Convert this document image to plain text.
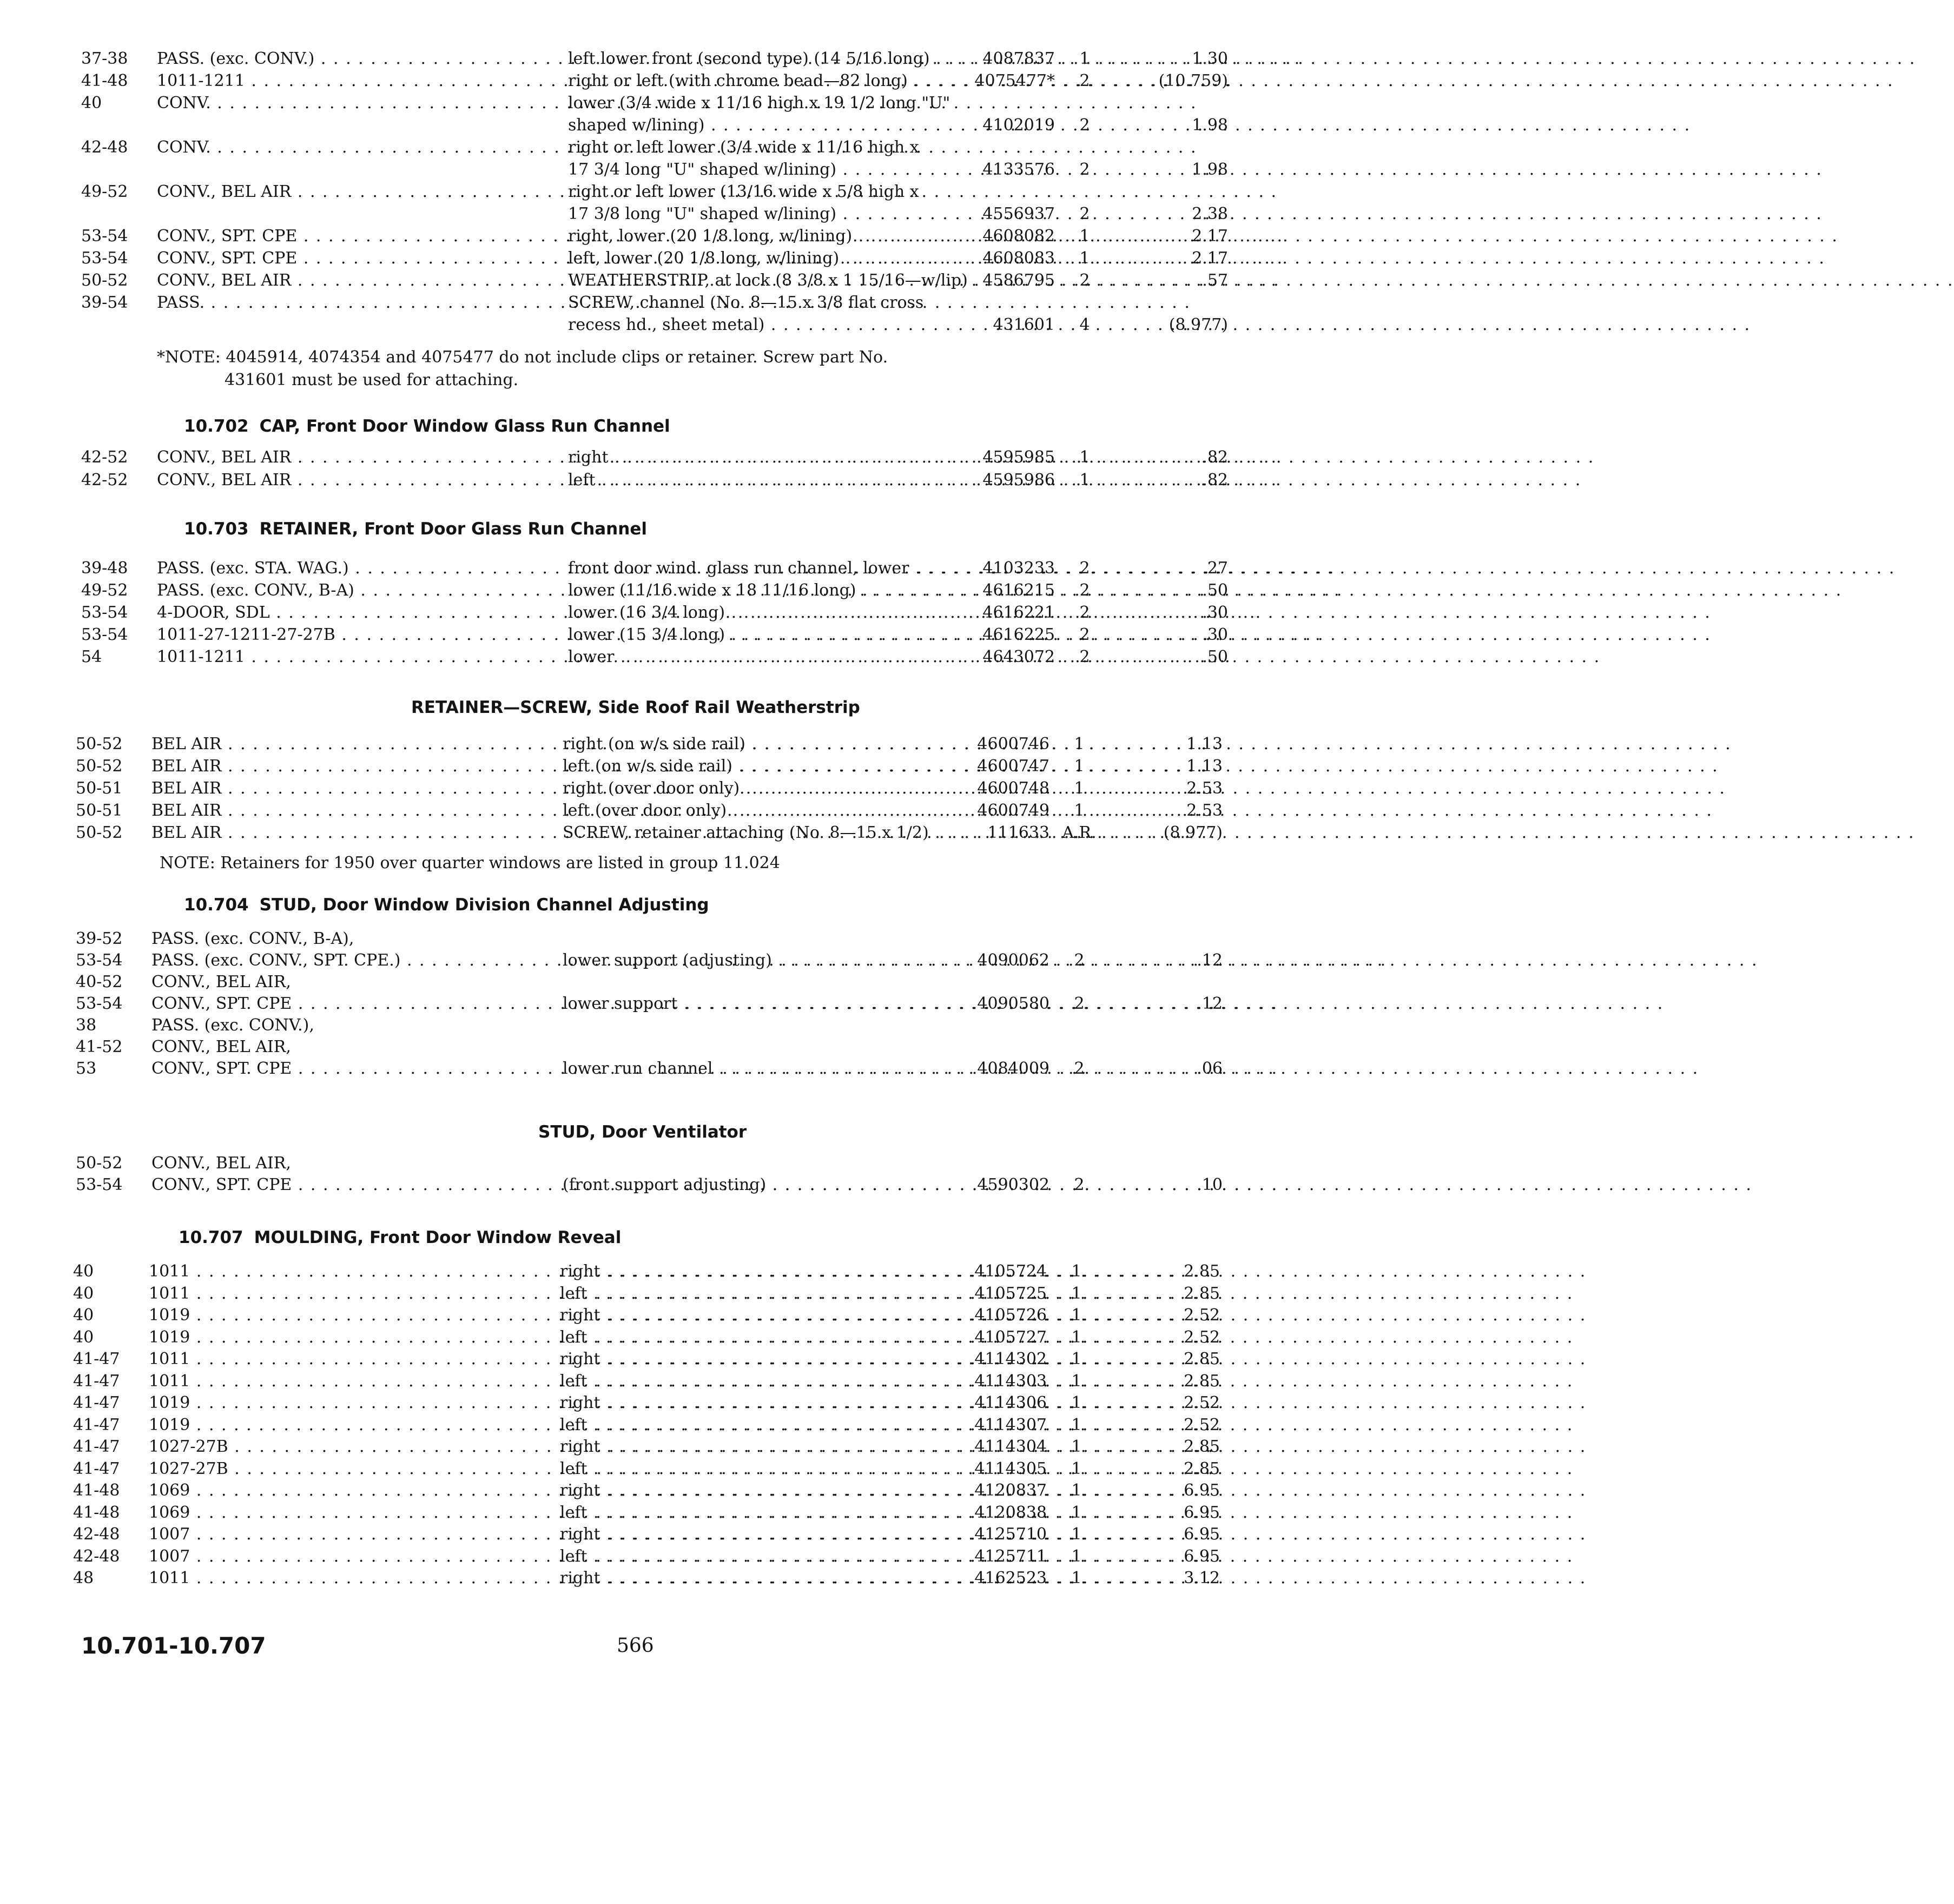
37-38	PASS. (exc. CONV.) . . .	left lower front (second type) (14 5/16 long) . . .	4087837	1	1.30
41-48	1011-1211 . . .	right or left (with chrome bead—82 long) . . .	4075477*	2	(10.759)
40	CONV. . . .	lower (3/4 wide x 11/16 high x 19 1/2 long "U"
shaped w/lining) . . .	4102019	2	1.98
42-48	CONV. . . .	right or left lower (3/4 wide x 11/16 high x
17 3/4 long "U" shaped w/lining) . . .	4133576	2	1.98
49-52	CONV., BEL AIR . . .	right or left lower (13/16 wide x 5/8 high x
17 3/8 long "U" shaped w/lining) . . .	4556937	2	2.38
53-54	CONV., SPT. CPE . . .	right, lower (20 1/8 long, w/lining) . . .	4608082	1	2.17
53-54	CONV., SPT. CPE . . .	left, lower (20 1/8 long, w/lining) . . .	4608083	1	2.17
50-52	CONV., BEL AIR . . .	WEATHERSTRIP, at lock (8 3/8 x 1 15/16—w/lip) . . . 4586795	2	.57
39-54	PASS. . . .	SCREW, channel (No. 8—15 x 3/8 flat cross
recess hd., sheet metal) . . .	431601	4	(8.977)
*NOTE: 4045914, 4074354 and 4075477 do not include clips or retainer. Screw part No.
431601 must be used for attaching.
10.702 CAP, Front Door Window Glass Run Channel
42-52	CONV., BEL AIR . . .	right . . .	4595985	1	.82
42-52	CONV., BEL AIR . . .	left . . .	4595986	1	.82
10.703 RETAINER, Front Door Glass Run Channel
39-48	PASS. (exc. STA. WAG.) . . .	front door wind. glass run channel, lower . . .	4103233	2	.27
49-52	PASS. (exc. CONV., B-A) . . .	lower (11/16 wide x 18 11/16 long) . . .	4616215	2	.50
53-54	4-DOOR, SDL . . .	lower (16 3/4 long) . . .	4616221	2	.30
53-54	1011-27-1211-27-27B . . .	lower (15 3/4 long) . . .	4616225	2	.30
54	1011-1211 . . .	lower . . .	4643072	2	.50
RETAINER—SCREW, Side Roof Rail Weatherstrip
50-52	BEL AIR . . .	right (on w/s side rail) . . .	4600746	1	1.13
50-52	BEL AIR . . .	left (on w/s side rail) . . .	4600747	1	1.13
50-51	BEL AIR . . .	right (over door only) . . .	4600748	1	2.53
50-51	BEL AIR . . .	left (over door only) . . .	4600749	1	2.53
50-52	BEL AIR . . .	SCREW, retainer attaching (No. 8—15 x 1/2) . . .	111633 A.R.	(8.977)
NOTE: Retainers for 1950 over quarter windows are listed in group 11.024
10.704 STUD, Door Window Division Channel Adjusting
39-52	PASS. (exc. CONV., B-A),
53-54	PASS. (exc. CONV., SPT. CPE.) . . .	lower support (adjusting) . . .	4090062	2	.12
40-52	CONV., BEL AIR,
53-54	CONV., SPT. CPE . . .	lower support . . .	4090580	2	.12
38	PASS. (exc. CONV.),
41-52	CONV., BEL AIR,
53	CONV., SPT. CPE . . .	lower run channel . . .	4084009	2	.06
STUD, Door Ventilator
50-52	CONV., BEL AIR,
53-54	CONV., SPT. CPE . . .	(front support adjusting) . . .	4590302	2	.10
10.707 MOULDING, Front Door Window Reveal
40	1011 . . .	right . . .	4105724	1	2.85
40	1011 . . .	left . . .	4105725	1	2.85
40	1019 . . .	right . . .	4105726	1	2.52
40	1019 . . .	left . . .	4105727	1	2.52
41-47	1011 . . .	right . . .	4114302	1	2.85
41-47	1011 . . .	left . . .	4114303	1	2.85
41-47	1019 . . .	right . . .	4114306	1	2.52
41-47	1019 . . .	left . . .	4114307	1	2.52
41-47	1027-27B . . .	right . . .	4114304	1	2.85
41-47	1027-27B . . .	left . . .	4114305	1	2.85
41-48	1069 . . .	right . . .	4120837	1	6.95
41-48	1069 . . .	left . . .	4120838	1	6.95
42-48	1007 . . .	right . . .	4125710	1	6.95
42-48	1007 . . .	left . . .	4125711	1	6.95
48	1011 . . .	right . . .	4162523	1	3.12
10.701-10.707	566
